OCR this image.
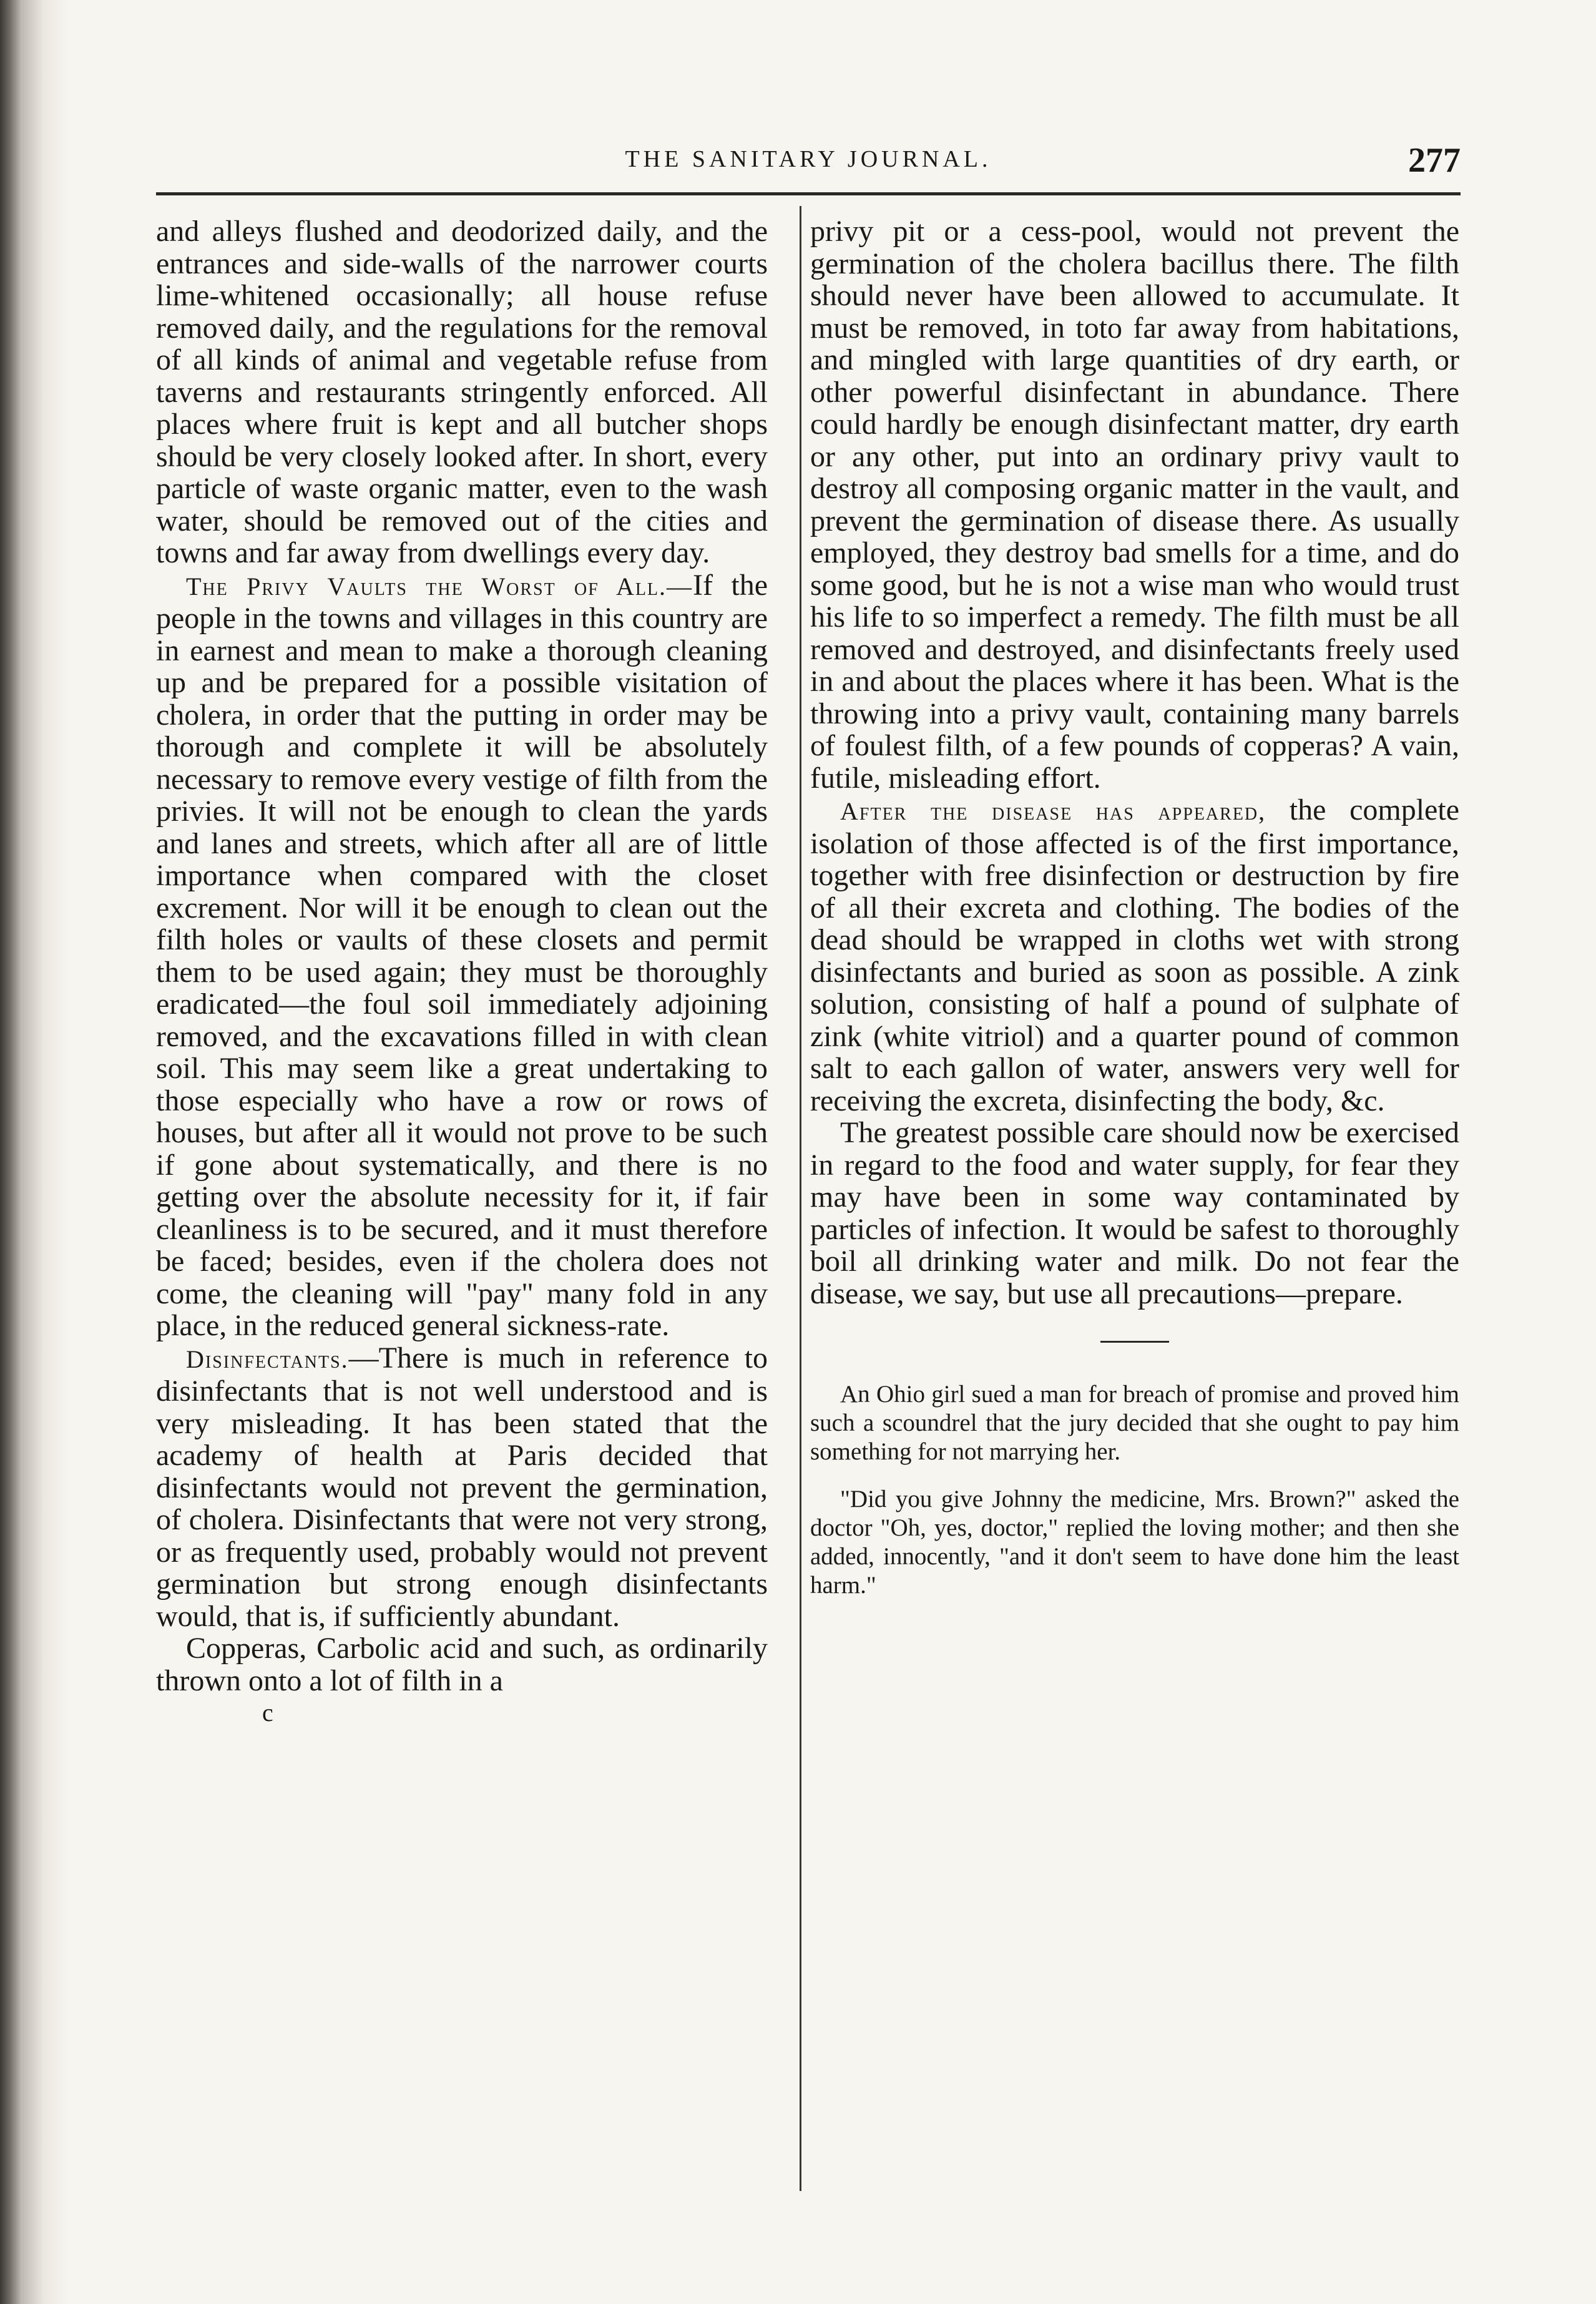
THE SANITARY JOURNAL.	277

and alleys flushed and deodorized daily, and the entrances and side-walls of the narrower courts lime-whitened occasionally; all house refuse removed daily, and the regulations for the removal of all kinds of animal and vegetable refuse from taverns and restaurants stringently enforced. All places where fruit is kept and all butcher shops should be very closely looked after. In short, every particle of waste organic matter, even to the wash water, should be removed out of the cities and towns and far away from dwellings every day.

The Privy Vaults the Worst of All.—If the people in the towns and villages in this country are in earnest and mean to make a thorough cleaning up and be prepared for a possible visitation of cholera, in order that the putting in order may be thorough and complete it will be absolutely necessary to remove every vestige of filth from the privies. It will not be enough to clean the yards and lanes and streets, which after all are of little importance when compared with the closet excrement. Nor will it be enough to clean out the filth holes or vaults of these closets and permit them to be used again; they must be thoroughly eradicated—the foul soil immediately adjoining removed, and the excavations filled in with clean soil. This may seem like a great undertaking to those especially who have a row or rows of houses, but after all it would not prove to be such if gone about systematically, and there is no getting over the absolute necessity for it, if fair cleanliness is to be secured, and it must therefore be faced; besides, even if the cholera does not come, the cleaning will "pay" many fold in any place, in the reduced general sickness-rate.

Disinfectants.—There is much in reference to disinfectants that is not well understood and is very misleading. It has been stated that the academy of health at Paris decided that disinfectants would not prevent the germination, of cholera. Disinfectants that were not very strong, or as frequently used, probably would not prevent germination but strong enough disinfectants would, that is, if sufficiently abundant.

Copperas, Carbolic acid and such, as ordinarily thrown onto a lot of filth in a

c

privy pit or a cess-pool, would not prevent the germination of the cholera bacillus there. The filth should never have been allowed to accumulate. It must be removed, in toto far away from habitations, and mingled with large quantities of dry earth, or other powerful disinfectant in abundance. There could hardly be enough disinfectant matter, dry earth or any other, put into an ordinary privy vault to destroy all composing organic matter in the vault, and prevent the germination of disease there. As usually employed, they destroy bad smells for a time, and do some good, but he is not a wise man who would trust his life to so imperfect a remedy. The filth must be all removed and destroyed, and disinfectants freely used in and about the places where it has been. What is the throwing into a privy vault, containing many barrels of foulest filth, of a few pounds of copperas? A vain, futile, misleading effort.

After the disease has appeared, the complete isolation of those affected is of the first importance, together with free disinfection or destruction by fire of all their excreta and clothing. The bodies of the dead should be wrapped in cloths wet with strong disinfectants and buried as soon as possible. A zink solution, consisting of half a pound of sulphate of zink (white vitriol) and a quarter pound of common salt to each gallon of water, answers very well for receiving the excreta, disinfecting the body, &c.

The greatest possible care should now be exercised in regard to the food and water supply, for fear they may have been in some way contaminated by particles of infection. It would be safest to thoroughly boil all drinking water and milk. Do not fear the disease, we say, but use all precautions—prepare.

An Ohio girl sued a man for breach of promise and proved him such a scoundrel that the jury decided that she ought to pay him something for not marrying her.

"Did you give Johnny the medicine, Mrs. Brown?" asked the doctor "Oh, yes, doctor," replied the loving mother; and then she added, innocently, "and it don't seem to have done him the least harm."
